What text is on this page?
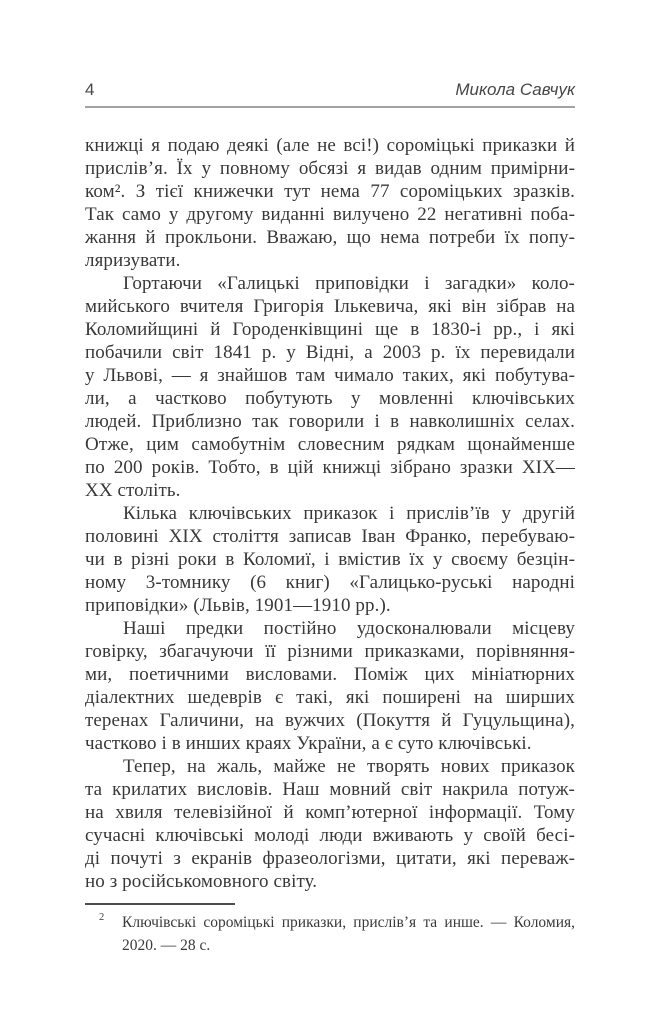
4	Микола Савчук
книжці я подаю деякі (але не всі!) сороміцькі приказки й
прислів’я. Їх у повному обсязі я видав одним примірни-
ком². З тієї книжечки тут нема 77 сороміцьких зразків.
Так само у другому виданні вилучено 22 негативні поба-
жання й прокльони. Вважаю, що нема потреби їх попу-
ляризувати.
Гортаючи «Галицькі приповідки і загадки» коло-
мийського вчителя Григорія Ількевича, які він зібрав на
Коломийщині й Городенківщині ще в 1830-і рр., і які
побачили світ 1841 р. у Відні, а 2003 р. їх перевидали
у Львові, — я знайшов там чимало таких, які побутува-
ли, а частково побутують у мовленні ключівських
людей. Приблизно так говорили і в навколишніх селах.
Отже, цим самобутнім словесним рядкам щонайменше
по 200 років. Тобто, в цій книжці зібрано зразки XIX—
XX століть.
Кілька ключівських приказок і прислів’їв у другій
половині XIX століття записав Іван Франко, перебуваю-
чи в різні роки в Коломиї, і вмістив їх у своєму безцін-
ному 3-томнику (6 книг) «Галицько-руські народні
приповідки» (Львів, 1901—1910 рр.).
Наші предки постійно удосконалювали місцеву
говірку, збагачуючи її різними приказками, порівняння-
ми, поетичними висловами. Поміж цих мініатюрних
діалектних шедеврів є такі, які поширені на ширших
теренах Галичини, на вужчих (Покуття й Гуцульщина),
частково і в инших краях України, а є суто ключівські.
Тепер, на жаль, майже не творять нових приказок
та крилатих висловів. Наш мовний світ накрила потуж-
на хвиля телевізійної й комп’ютерної інформації. Тому
сучасні ключівські молоді люди вживають у своїй бесі-
ді почуті з екранів фразеологізми, цитати, які переваж-
но з російськомовного світу.
2 Ключівські сороміцькі приказки, прислів’я та инше. — Коломия,
2020. — 28 с.
